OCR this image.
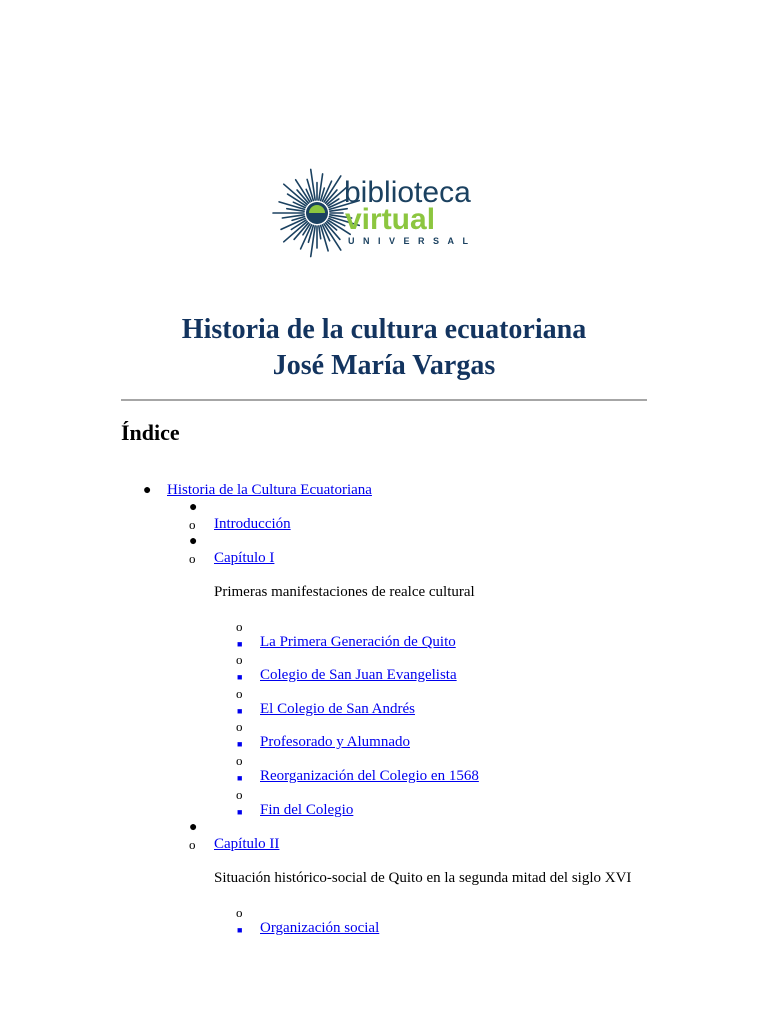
biblioteca
virtual
UNIVERSAL
Historia de la cultura ecuatoriana
José María Vargas
Índice
● Historia de la Cultura Ecuatoriana
●
o Introducción
●
o Capítulo I
Primeras manifestaciones de realce cultural
o
■ La Primera Generación de Quito
o
■ Colegio de San Juan Evangelista
o
■ El Colegio de San Andrés
o
■ Profesorado y Alumnado
o
■ Reorganización del Colegio en 1568
o
■ Fin del Colegio
●
o Capítulo II
Situación histórico-social de Quito en la segunda mitad del siglo XVI
o
■ Organización social
